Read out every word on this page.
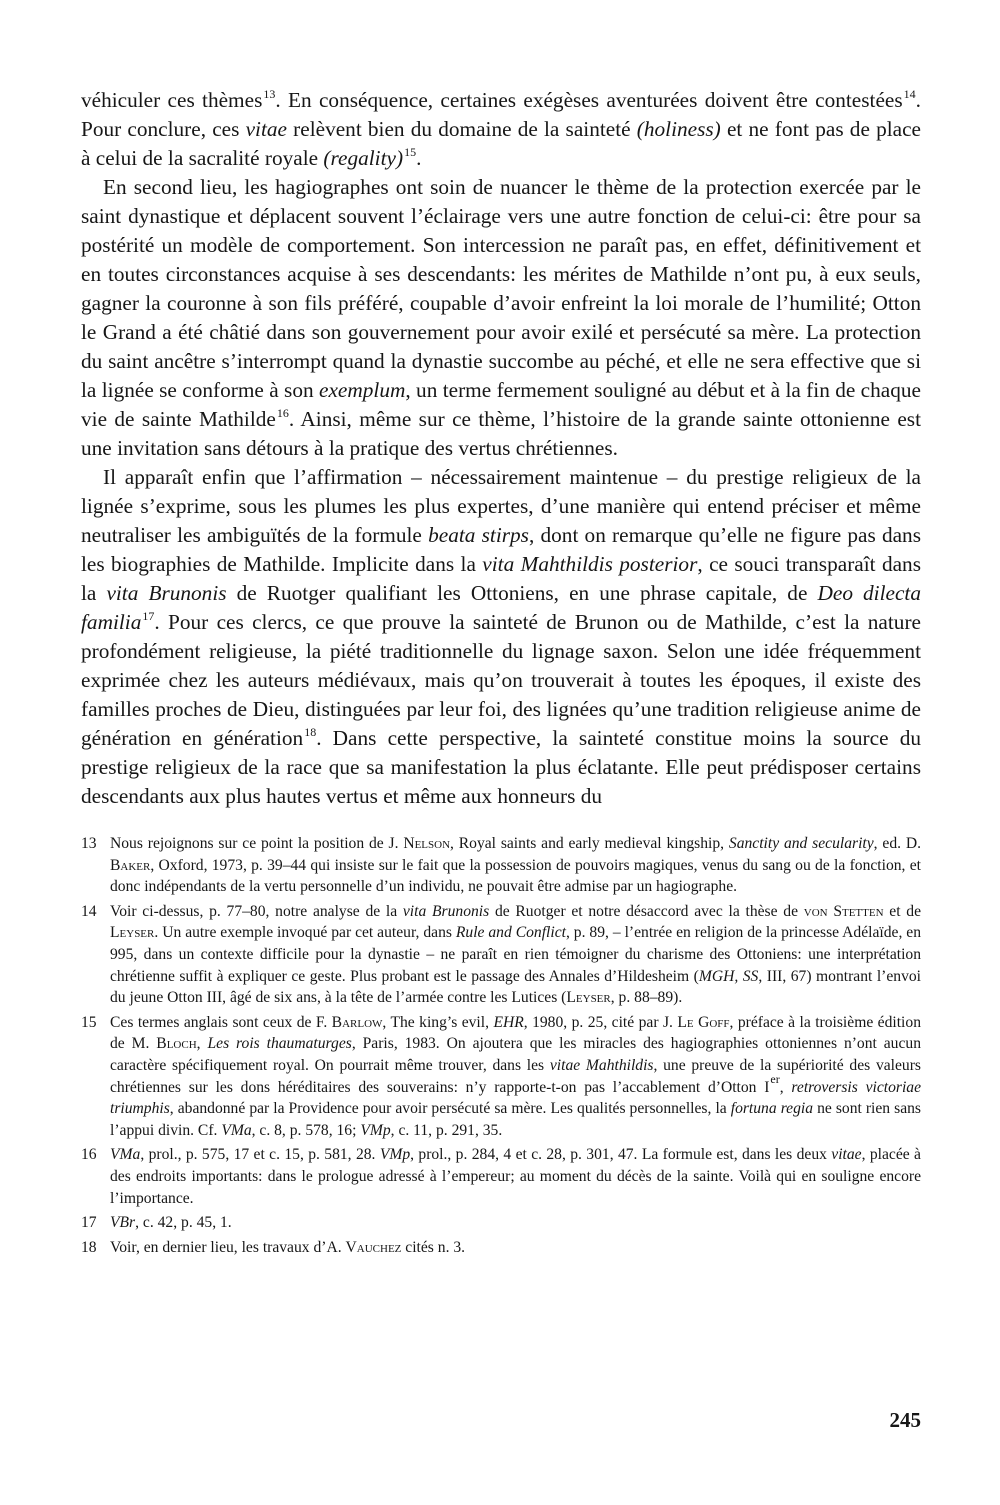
véhiculer ces thèmes$^{13}$. En conséquence, certaines exégèses aventurées doivent être contestées$^{14}$. Pour conclure, ces vitae relèvent bien du domaine de la sainteté (holiness) et ne font pas de place à celui de la sacralité royale (regality)$^{15}$.

En second lieu, les hagiographes ont soin de nuancer le thème de la protection exercée par le saint dynastique et déplacent souvent l’éclairage vers une autre fonction de celui-ci: être pour sa postérité un modèle de comportement. Son intercession ne paraît pas, en effet, définitivement et en toutes circonstances acquise à ses descendants: les mérites de Mathilde n’ont pu, à eux seuls, gagner la couronne à son fils préféré, coupable d’avoir enfreint la loi morale de l’humilité; Otton le Grand a été châtié dans son gouvernement pour avoir exilé et persécuté sa mère. La protection du saint ancêtre s’interrompt quand la dynastie succombe au péché, et elle ne sera effective que si la lignée se conforme à son exemplum, un terme fermement souligné au début et à la fin de chaque vie de sainte Mathilde$^{16}$. Ainsi, même sur ce thème, l’histoire de la grande sainte ottonienne est une invitation sans détours à la pratique des vertus chrétiennes.

Il apparaît enfin que l’affirmation – nécessairement maintenue – du prestige religieux de la lignée s’exprime, sous les plumes les plus expertes, d’une manière qui entend préciser et même neutraliser les ambiguïtés de la formule beata stirps, dont on remarque qu’elle ne figure pas dans les biographies de Mathilde. Implicite dans la vita Mahthildis posterior, ce souci transparaît dans la vita Brunonis de Ruotger qualifiant les Ottoniens, en une phrase capitale, de Deo dilecta familia$^{17}$. Pour ces clercs, ce que prouve la sainteté de Brunon ou de Mathilde, c’est la nature profondément religieuse, la piété traditionnelle du lignage saxon. Selon une idée fréquemment exprimée chez les auteurs médiévaux, mais qu’on trouverait à toutes les époques, il existe des familles proches de Dieu, distinguées par leur foi, des lignées qu’une tradition religieuse anime de génération en génération$^{18}$. Dans cette perspective, la sainteté constitue moins la source du prestige religieux de la race que sa manifestation la plus éclatante. Elle peut prédisposer certains descendants aux plus hautes vertus et même aux honneurs du

13 Nous rejoignons sur ce point la position de J. Nelson, Royal saints and early medieval kingship, Sanctity and secularity, ed. D. Baker, Oxford, 1973, p. 39–44 qui insiste sur le fait que la possession de pouvoirs magiques, venus du sang ou de la fonction, et donc indépendants de la vertu personnelle d’un individu, ne pouvait être admise par un hagiographe.
14 Voir ci-dessus, p. 77–80, notre analyse de la vita Brunonis de Ruotger et notre désaccord avec la thèse de von Stetten et de Leyser. Un autre exemple invoqué par cet auteur, dans Rule and Conflict, p. 89, – l’entrée en religion de la princesse Adélaïde, en 995, dans un contexte difficile pour la dynastie – ne paraît en rien témoigner du charisme des Ottoniens: une interprétation chrétienne suffit à expliquer ce geste. Plus probant est le passage des Annales d’Hildesheim (MGH, SS, III, 67) montrant l’envoi du jeune Otton III, âgé de six ans, à la tête de l’armée contre les Lutices (Leyser, p. 88–89).
15 Ces termes anglais sont ceux de F. Barlow, The king’s evil, EHR, 1980, p. 25, cité par J. Le Goff, préface à la troisième édition de M. Bloch, Les rois thaumaturges, Paris, 1983. On ajoutera que les miracles des hagiographies ottoniennes n’ont aucun caractère spécifiquement royal. On pourrait même trouver, dans les vitae Mahthildis, une preuve de la supériorité des valeurs chrétiennes sur les dons héréditaires des souverains: n’y rapporte-t-on pas l’accablement d’Otton Ier, retroversis victoriae triumphis, abandonné par la Providence pour avoir persécuté sa mère. Les qualités personnelles, la fortuna regia ne sont rien sans l’appui divin. Cf. VMa, c. 8, p. 578, 16; VMp, c. 11, p. 291, 35.
16 VMa, prol., p. 575, 17 et c. 15, p. 581, 28. VMp, prol., p. 284, 4 et c. 28, p. 301, 47. La formule est, dans les deux vitae, placée à des endroits importants: dans le prologue adressé à l’empereur; au moment du décès de la sainte. Voilà qui en souligne encore l’importance.
17 VBr, c. 42, p. 45, 1.
18 Voir, en dernier lieu, les travaux d’A. Vauchez cités n. 3.
245
